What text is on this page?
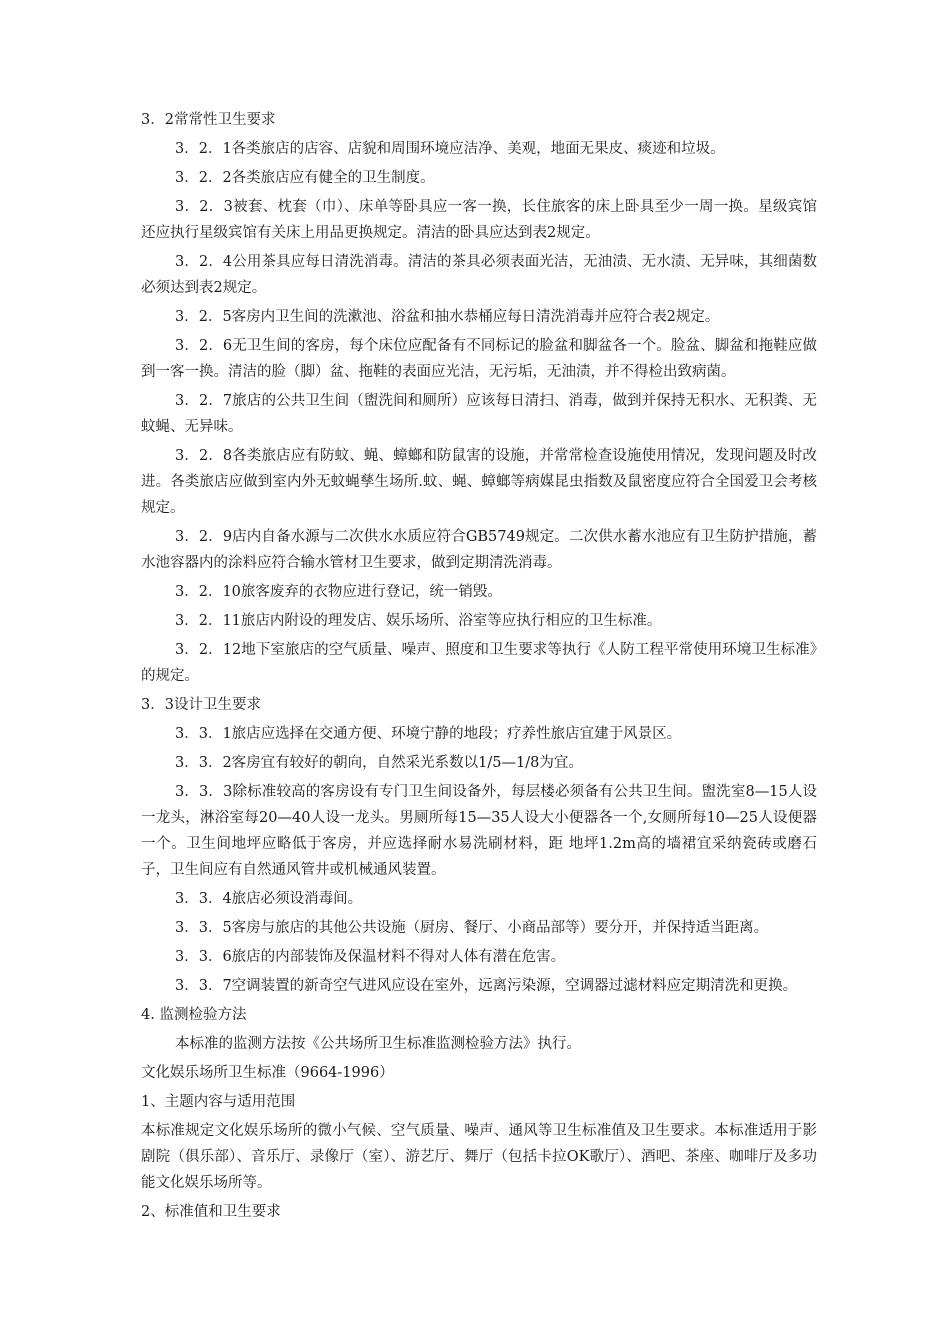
3．2常常性卫生要求

3．2．1各类旅店的店容、店貌和周围环境应洁净、美观，地面无果皮、痰迹和垃圾。

3．2．2各类旅店应有健全的卫生制度。

3．2．3被套、枕套（巾）、床单等卧具应一客一换，长住旅客的床上卧具至少一周一换。星级宾馆还应执行星级宾馆有关床上用品更换规定。清洁的卧具应达到表2规定。

3．2．4公用茶具应每日清洗消毒。清洁的茶具必须表面光洁，无油渍、无水渍、无异味，其细菌数必须达到表2规定。

3．2．5客房内卫生间的洗漱池、浴盆和抽水恭桶应每日清洗消毒并应符合表2规定。

3．2．6无卫生间的客房，每个床位应配备有不同标记的脸盆和脚盆各一个。脸盆、脚盆和拖鞋应做到一客一换。清洁的脸（脚）盆、拖鞋的表面应光洁，无污垢，无油渍，并不得检出致病菌。

3．2．7旅店的公共卫生间（盥洗间和厕所）应该每日清扫、消毒，做到并保持无积水、无积粪、无蚊蝇、无异味。

3．2．8各类旅店应有防蚊、蝇、蟑螂和防鼠害的设施，并常常检查设施使用情况，发现问题及时改进。各类旅店应做到室内外无蚊蝇孳生场所.蚊、蝇、蟑螂等病媒昆虫指数及鼠密度应符合全国爱卫会考核规定。

3．2．9店内自备水源与二次供水水质应符合GB5749规定。二次供水蓄水池应有卫生防护措施，蓄水池容器内的涂料应符合输水管材卫生要求，做到定期清洗消毒。

3．2．10旅客废弃的衣物应进行登记，统一销毁。

3．2．11旅店内附设的理发店、娱乐场所、浴室等应执行相应的卫生标准。

3．2．12地下室旅店的空气质量、噪声、照度和卫生要求等执行《人防工程平常使用环境卫生标准》的规定。

3．3设计卫生要求

3．3．1旅店应选择在交通方便、环境宁静的地段；疗养性旅店宜建于风景区。

3．3．2客房宜有较好的朝向，自然采光系数以1/5—1/8为宜。

3．3．3除标准较高的客房设有专门卫生间设备外，每层楼必须备有公共卫生间。盥洗室8—15人设一龙头，淋浴室每20—40人设一龙头。男厕所每15—35人设大小便器各一个,女厕所每10—25人设便器一个。卫生间地坪应略低于客房，并应选择耐水易洗刷材料，距 地坪1.2m高的墙裙宜采纳瓷砖或磨石子，卫生间应有自然通风管井或机械通风装置。

3．3．4旅店必须设消毒间。

3．3．5客房与旅店的其他公共设施（厨房、餐厅、小商品部等）要分开，并保持适当距离。

3．3．6旅店的内部装饰及保温材料不得对人体有潜在危害。

3．3．7空调装置的新奇空气进风应设在室外，远离污染源，空调器过滤材料应定期清洗和更换。

4. 监测检验方法

本标准的监测方法按《公共场所卫生标准监测检验方法》执行。

文化娱乐场所卫生标准（9664-1996）

1、主题内容与适用范围

本标准规定文化娱乐场所的微小气候、空气质量、噪声、通风等卫生标准值及卫生要求。本标准适用于影剧院（俱乐部）、音乐厅、录像厅（室）、游艺厅、舞厅（包括卡拉OK歌厅）、酒吧、茶座、咖啡厅及多功能文化娱乐场所等。

2、标准值和卫生要求
